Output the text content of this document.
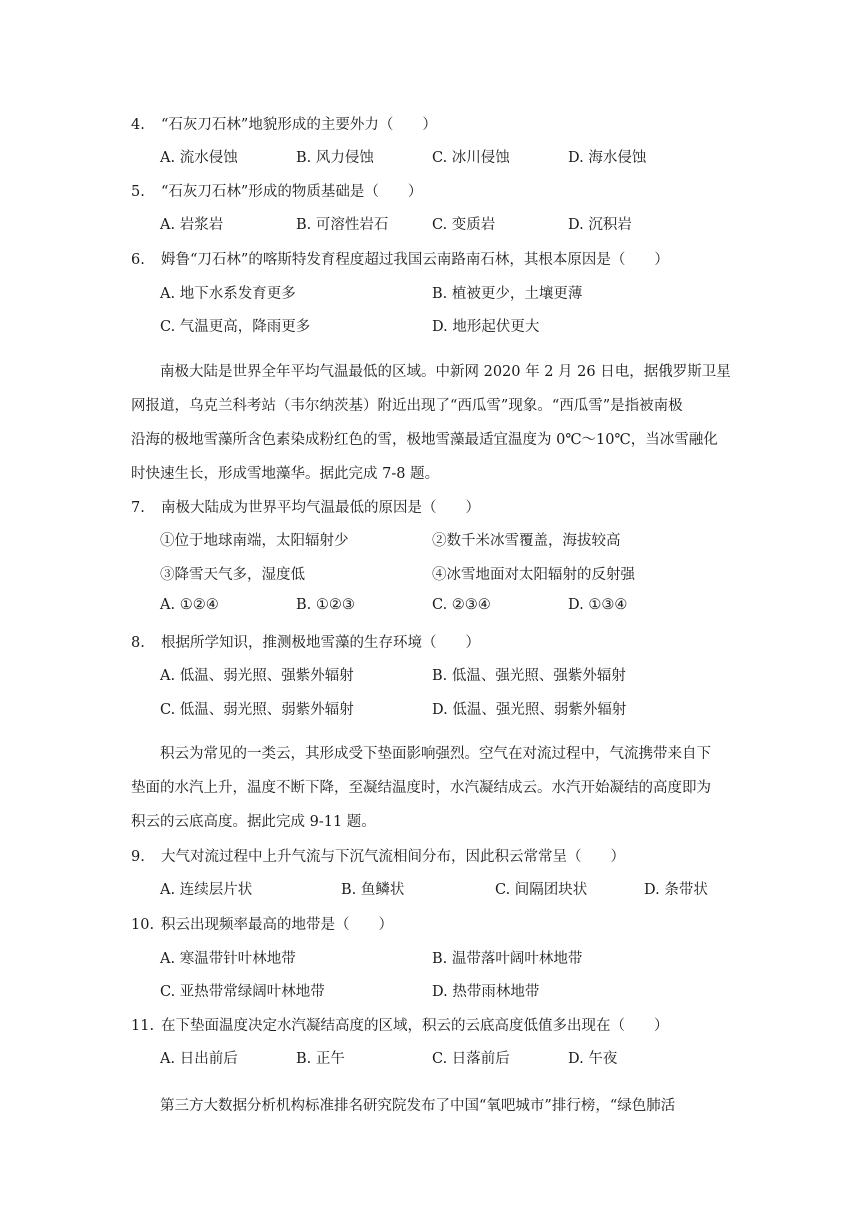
4. “石灰刀石林”地貌形成的主要外力（　　）
A. 流水侵蚀	B. 风力侵蚀	C. 冰川侵蚀	D. 海水侵蚀
5. “石灰刀石林”形成的物质基础是（　　）
A. 岩浆岩	B. 可溶性岩石	C. 变质岩	D. 沉积岩
6. 姆鲁“刀石林”的喀斯特发育程度超过我国云南路南石林，其根本原因是（　　）
A. 地下水系发育更多	B. 植被更少，土壤更薄
C. 气温更高，降雨更多	D. 地形起伏更大
南极大陆是世界全年平均气温最低的区域。中新网 2020 年 2 月 26 日电，据俄罗斯卫星
网报道，乌克兰科考站（韦尔纳茨基）附近出现了“西瓜雪”现象。“西瓜雪”是指被南极
沿海的极地雪藻所含色素染成粉红色的雪，极地雪藻最适宜温度为 0℃～10℃，当冰雪融化
时快速生长，形成雪地藻华。据此完成 7-8 题。
7. 南极大陆成为世界平均气温最低的原因是（　　）
①位于地球南端，太阳辐射少	②数千米冰雪覆盖，海拔较高
③降雪天气多，湿度低	④冰雪地面对太阳辐射的反射强
A. ①②④	B. ①②③	C. ②③④	D. ①③④
8. 根据所学知识，推测极地雪藻的生存环境（　　）
A. 低温、弱光照、强紫外辐射	B. 低温、强光照、强紫外辐射
C. 低温、弱光照、弱紫外辐射	D. 低温、强光照、弱紫外辐射
积云为常见的一类云，其形成受下垫面影响强烈。空气在对流过程中，气流携带来自下
垫面的水汽上升，温度不断下降，至凝结温度时，水汽凝结成云。水汽开始凝结的高度即为
积云的云底高度。据此完成 9-11 题。
9. 大气对流过程中上升气流与下沉气流相间分布，因此积云常常呈（　　）
A. 连续层片状	B. 鱼鳞状	C. 间隔团块状	D. 条带状
10. 积云出现频率最高的地带是（　　）
A. 寒温带针叶林地带	B. 温带落叶阔叶林地带
C. 亚热带常绿阔叶林地带	D. 热带雨林地带
11. 在下垫面温度决定水汽凝结高度的区域，积云的云底高度低值多出现在（　　）
A. 日出前后	B. 正午	C. 日落前后	D. 午夜
第三方大数据分析机构标准排名研究院发布了中国“氧吧城市”排行榜，“绿色肺活
